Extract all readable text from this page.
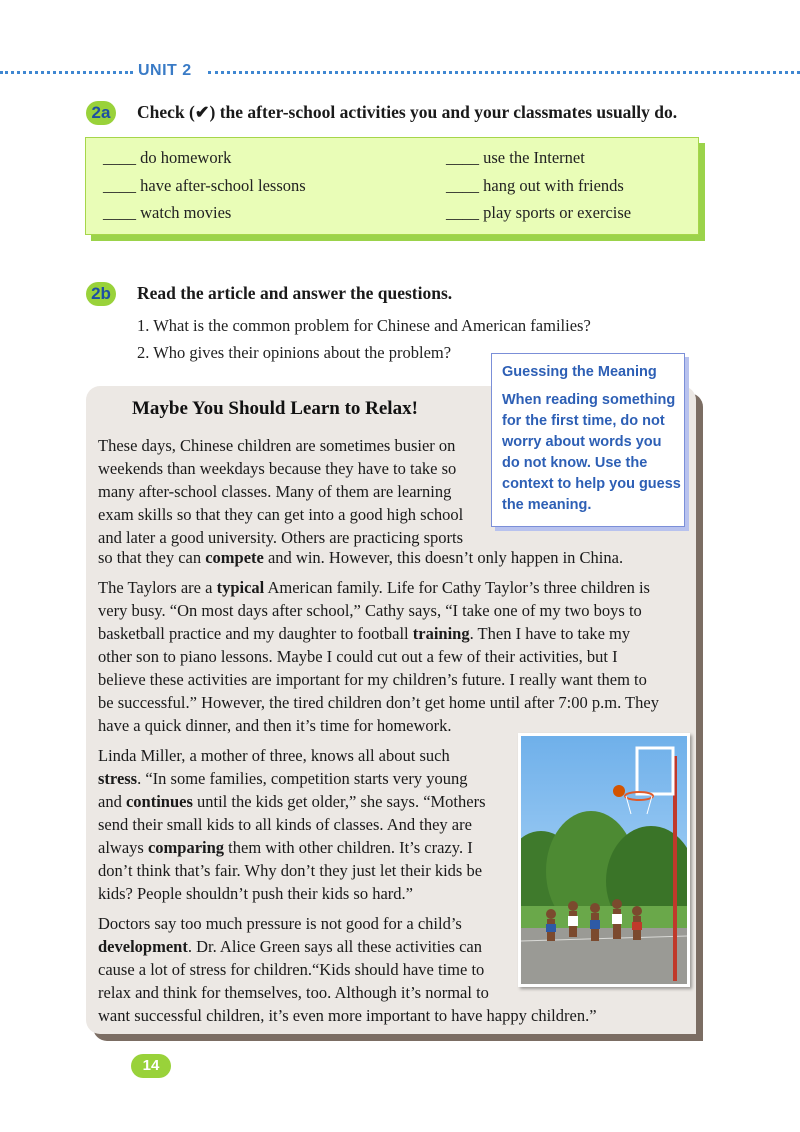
UNIT 2
2a	Check (✔) the after-school activities you and your classmates usually do.
____ do homework
____ have after-school lessons
____ watch movies
____ use the Internet
____ hang out with friends
____ play sports or exercise
2b Read the article and answer the questions.
1. What is the common problem for Chinese and American families?
2. Who gives their opinions about the problem?
Maybe You Should Learn to Relax!
These days, Chinese children are sometimes busier on
weekends than weekdays because they have to take so
many after-school classes. Many of them are learning
exam skills so that they can get into a good high school
and later a good university. Others are practicing sports
so that they can compete and win. However, this doesn’t only happen in China.
The Taylors are a typical American family. Life for Cathy Taylor’s three children is
very busy. “On most days after school,” Cathy says, “I take one of my two boys to
basketball practice and my daughter to football training. Then I have to take my
other son to piano lessons. Maybe I could cut out a few of their activities, but I
believe these activities are important for my children’s future. I really want them to
be successful.” However, the tired children don’t get home until after 7:00 p.m. They
have a quick dinner, and then it’s time for homework.
Linda Miller, a mother of three, knows all about such
stress. “In some families, competition starts very young
and continues until the kids get older,” she says. “Mothers
send their small kids to all kinds of classes. And they are
always comparing them with other children. It’s crazy. I
don’t think that’s fair. Why don’t they just let their kids be
kids? People shouldn’t push their kids so hard.”
Doctors say too much pressure is not good for a child’s
development. Dr. Alice Green says all these activities can
cause a lot of stress for children.“Kids should have time to
relax and think for themselves, too. Although it’s normal to
want successful children, it’s even more important to have happy children.”
Guessing the Meaning
When reading something
for the first time, do not
worry about words you
do not know. Use the
context to help you guess
the meaning.
14
